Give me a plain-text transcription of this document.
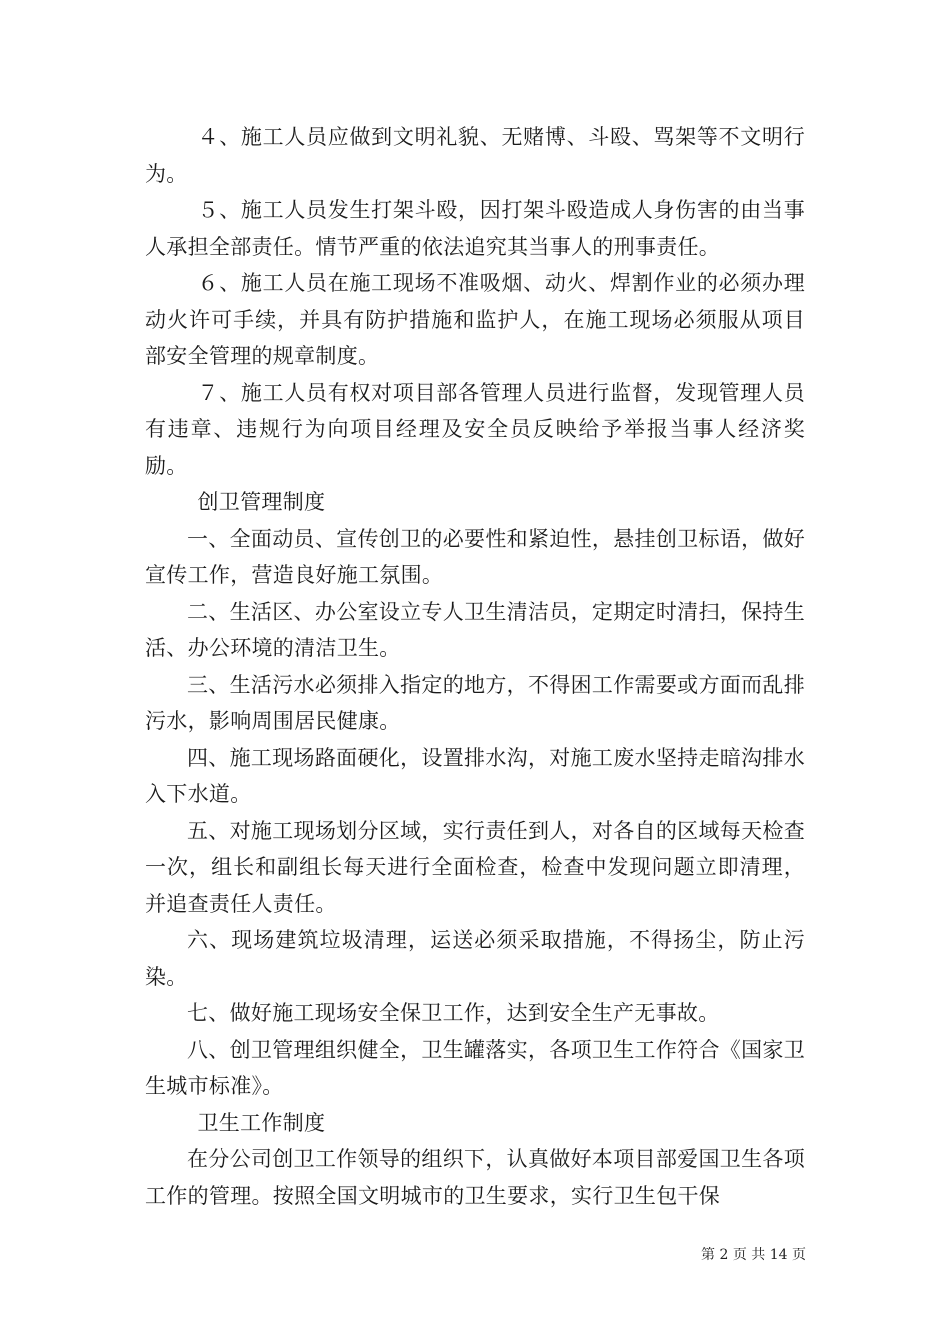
４、施工人员应做到文明礼貌、无赌博、斗殴、骂架等不文明行为。

５、施工人员发生打架斗殴，因打架斗殴造成人身伤害的由当事人承担全部责任。情节严重的依法追究其当事人的刑事责任。

６、施工人员在施工现场不准吸烟、动火、焊割作业的必须办理动火许可手续，并具有防护措施和监护人，在施工现场必须服从项目部安全管理的规章制度。

７、施工人员有权对项目部各管理人员进行监督，发现管理人员有违章、违规行为向项目经理及安全员反映给予举报当事人经济奖励。

创卫管理制度

一、全面动员、宣传创卫的必要性和紧迫性，悬挂创卫标语，做好宣传工作，营造良好施工氛围。

二、生活区、办公室设立专人卫生清洁员，定期定时清扫，保持生活、办公环境的清洁卫生。

三、生活污水必须排入指定的地方，不得困工作需要或方面而乱排污水，影响周围居民健康。

四、施工现场路面硬化，设置排水沟，对施工废水坚持走暗沟排水入下水道。

五、对施工现场划分区域，实行责任到人，对各自的区域每天检查一次，组长和副组长每天进行全面检查，检查中发现问题立即清理，并追查责任人责任。

六、现场建筑垃圾清理，运送必须采取措施，不得扬尘，防止污染。

七、做好施工现场安全保卫工作，达到安全生产无事故。

八、创卫管理组织健全，卫生罐落实，各项卫生工作符合《国家卫生城市标准》。

卫生工作制度

在分公司创卫工作领导的组织下，认真做好本项目部爱国卫生各项工作的管理。按照全国文明城市的卫生要求，实行卫生包干保

第 2 页 共 14 页
